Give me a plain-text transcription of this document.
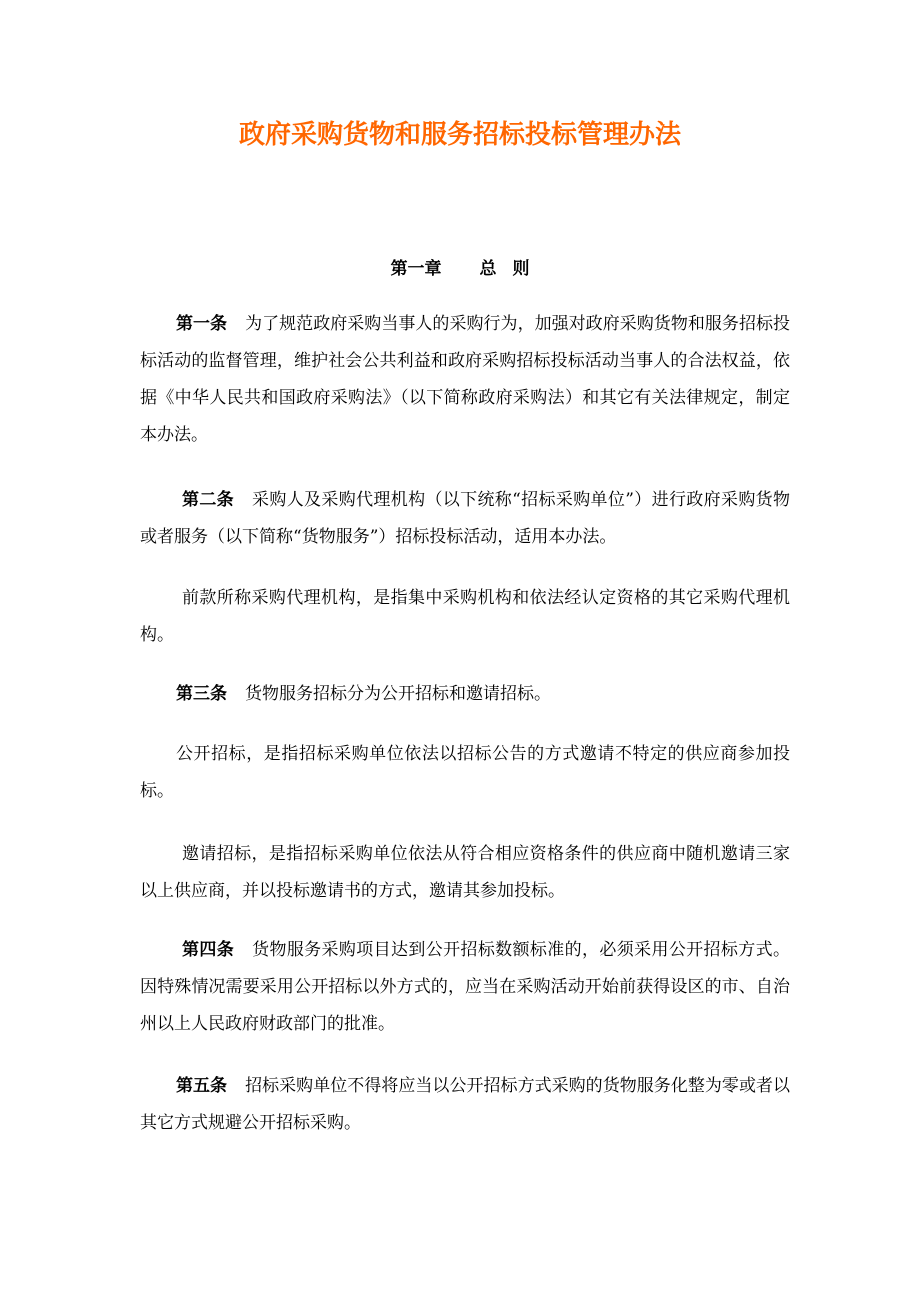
政府采购货物和服务招标投标管理办法
第一章 总 则

第一条 为了规范政府采购当事人的采购行为，加强对政府采购货物和服务招标投标活动的监督管理，维护社会公共利益和政府采购招标投标活动当事人的合法权益，依据《中华人民共和国政府采购法》（以下简称政府采购法）和其它有关法律规定，制定本办法。

第二条 采购人及采购代理机构（以下统称“招标采购单位”）进行政府采购货物或者服务（以下简称“货物服务”）招标投标活动，适用本办法。

前款所称采购代理机构，是指集中采购机构和依法经认定资格的其它采购代理机构。

第三条 货物服务招标分为公开招标和邀请招标。

公开招标，是指招标采购单位依法以招标公告的方式邀请不特定的供应商参加投标。

邀请招标，是指招标采购单位依法从符合相应资格条件的供应商中随机邀请三家以上供应商，并以投标邀请书的方式，邀请其参加投标。

第四条 货物服务采购项目达到公开招标数额标准的，必须采用公开招标方式。因特殊情况需要采用公开招标以外方式的，应当在采购活动开始前获得设区的市、自治州以上人民政府财政部门的批准。

第五条 招标采购单位不得将应当以公开招标方式采购的货物服务化整为零或者以其它方式规避公开招标采购。
